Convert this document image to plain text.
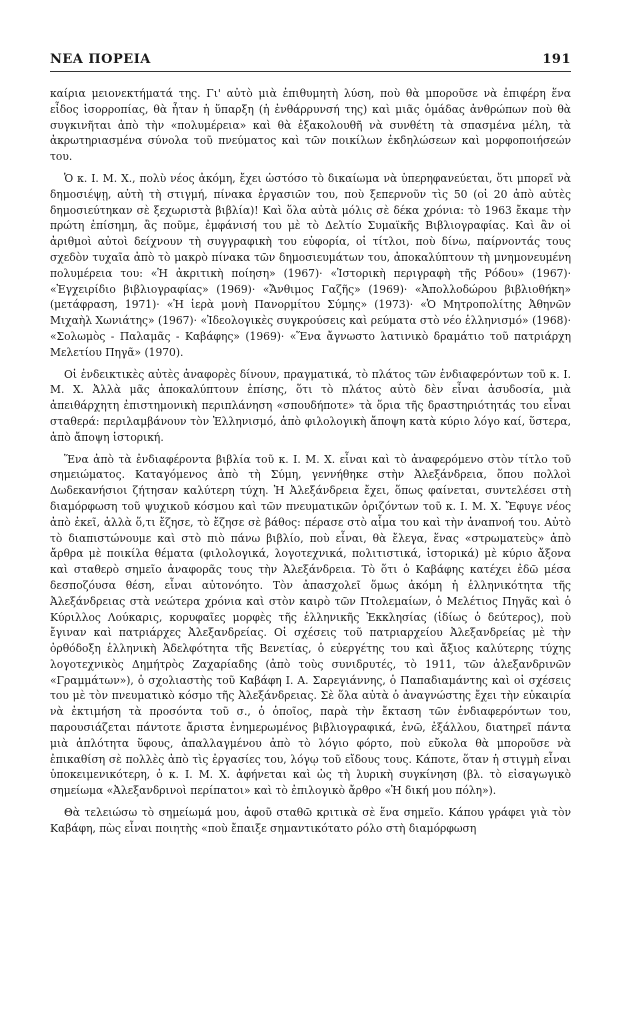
ΝΕΑ ΠΟΡΕΙΑ	191

καίρια μειονεκτήματά της. Γι' αὐτὸ μιὰ ἐπιθυμητὴ λύση, ποὺ θὰ μποροῦσε νὰ ἐπιφέρη ἕνα εἶδος ἰσορροπίας, θὰ ἦταν ἡ ὕπαρξη (ἡ ἐνθάρρυνσή της) καὶ μιᾶς ὁμάδας ἀνθρώπων ποὺ θὰ συγκινῆται ἀπὸ τὴν «πολυμέρεια» καὶ θὰ ἐξακολουθῆ νὰ συνθέτη τὰ σπασμένα μέλη, τὰ ἀκρωτηριασμένα σύνολα τοῦ πνεύματος καὶ τῶν ποικίλων ἐκδηλώσεων καὶ μορφοποιήσεών του.

Ὁ κ. Ι. Μ. Χ., πολὺ νέος ἀκόμη, ἔχει ὡστόσο τὸ δικαίωμα νὰ ὑπερηφανεύεται, ὅτι μπορεῖ νὰ δημοσιέψῃ, αὐτὴ τὴ στιγμή, πίνακα ἐργασιῶν του, ποὺ ξεπερνοῦν τὶς 50 (οἱ 20 ἀπὸ αὐτὲς δημοσιεύτηκαν σὲ ξεχωριστὰ βιβλία)! Καὶ ὅλα αὐτὰ μόλις σὲ δέκα χρόνια: τὸ 1963 ἔκαμε τὴν πρώτη ἐπίσημη, ἂς ποῦμε, ἐμφάνισή του μὲ τὸ Δελτίο Συμαϊκῆς Βιβλιογραφίας. Καὶ ἂν οἱ ἀριθμοὶ αὐτοὶ δείχνουν τὴ συγγραφικὴ του εὐφορία, οἱ τίτλοι, ποὺ δίνω, παίρνοντάς τους σχεδὸν τυχαῖα ἀπὸ τὸ μακρὸ πίνακα τῶν δημοσιευμάτων του, ἀποκαλύπτουν τὴ μνημονευμένη πολυμέρεια του: «Ἡ ἀκριτικὴ ποίηση» (1967)· «Ἱστορικὴ περιγραφὴ τῆς Ρόδου» (1967)· «Ἐγχειρίδιο βιβλιογραφίας» (1969)· «Ἄνθιμος Γαζῆς» (1969)· «Ἀπολλοδώρου βιβλιοθήκη» (μετάφραση, 1971)· «Ἡ ἱερὰ μονὴ Πανορμίτου Σύμης» (1973)· «Ὁ Μητροπολίτης Ἀθηνῶν Μιχαὴλ Χωνιάτης» (1967)· «Ἰδεολογικὲς συγκρούσεις καὶ ρεύματα στὸ νέο ἑλληνισμό» (1968)· «Σολωμὸς - Παλαμᾶς - Καβάφης» (1969)· «Ἕνα ἄγνωστο λατινικὸ δραμάτιο τοῦ πατριάρχη Μελετίου Πηγᾶ» (1970).

Οἱ ἐνδεικτικὲς αὐτὲς ἀναφορὲς δίνουν, πραγματικά, τὸ πλάτος τῶν ἐνδιαφερόντων τοῦ κ. Ι. Μ. Χ. Ἀλλὰ μᾶς ἀποκαλύπτουν ἐπίσης, ὅτι τὸ πλάτος αὐτὸ δὲν εἶναι ἀσυδοσία, μιὰ ἀπειθάρχητη ἐπιστημονικὴ περιπλάνηση «σπουδήποτε» τὰ ὅρια τῆς δραστηριότητάς του εἶναι σταθερά: περιλαμβάνουν τὸν Ἑλληνισμό, ἀπὸ φιλολογικὴ ἄποψη κατὰ κύριο λόγο καί, ὕστερα, ἀπὸ ἄποψη ἱστορική.

Ἕνα ἀπὸ τὰ ἐνδιαφέροντα βιβλία τοῦ κ. Ι. Μ. Χ. εἶναι καὶ τὸ ἀναφερόμενο στὸν τίτλο τοῦ σημειώματος. Καταγόμενος ἀπὸ τὴ Σύμη, γεννήθηκε στὴν Ἀλεξάνδρεια, ὅπου πολλοὶ Δωδεκανήσιοι ζήτησαν καλύτερη τύχη. Ἡ Ἀλεξάνδρεια ἔχει, ὅπως φαίνεται, συντελέσει στὴ διαμόρφωση τοῦ ψυχικοῦ κόσμου καὶ τῶν πνευματικῶν ὁριζόντων τοῦ κ. Ι. Μ. Χ. Ἔφυγε νέος ἀπὸ ἐκεῖ, ἀλλὰ ὅ,τι ἔζησε, τὸ ἔζησε σὲ βάθος: πέρασε στὸ αἷμα του καὶ τὴν ἀναπνοή του. Αὐτὸ τὸ διαπιστώνουμε καὶ στὸ πιὸ πάνω βιβλίο, ποὺ εἶναι, θὰ ἔλεγα, ἕνας «στρωματεὺς» ἀπὸ ἄρθρα μὲ ποικίλα θέματα (φιλολογικά, λογοτεχνικά, πολιτιστικά, ἱστορικά) μὲ κύριο ἄξονα καὶ σταθερὸ σημεῖο ἀναφορᾶς τους τὴν Ἀλεξάνδρεια. Τὸ ὅτι ὁ Καβάφης κατέχει ἐδῶ μέσα δεσποζόυσα θέση, εἶναι αὐτονόητο. Τὸν ἀπασχολεῖ ὅμως ἀκόμη ἡ ἑλληνικότητα τῆς Ἀλεξάνδρειας στὰ νεώτερα χρόνια καὶ στὸν καιρὸ τῶν Πτολεμαίων, ὁ Μελέτιος Πηγᾶς καὶ ὁ Κύριλλος Λούκαρις, κορυφαῖες μορφὲς τῆς ἑλληνικῆς Ἐκκλησίας (ἰδίως ὁ δεύτερος), ποὺ ἔγιναν καὶ πατριάρχες Ἀλεξανδρείας. Οἱ σχέσεις τοῦ πατριαρχείου Ἀλεξανδρείας μὲ τὴν ὀρθόδοξη ἑλληνικὴ Ἀδελφότητα τῆς Βενετίας, ὁ εὐεργέτης του καὶ ἄξιος καλύτερης τύχης λογοτεχνικὸς Δημήτρὸς Ζαχαρίαδης (ἀπὸ τοὺς συνιδρυτές, τὸ 1911, τῶν ἀλεξανδρινῶν «Γραμμάτων»), ὁ σχολιαστὴς τοῦ Καβάφη Ι. Α. Σαρεγιάννης, ὁ Παπαδιαμάντης καὶ οἱ σχέσεις του μὲ τὸν πνευματικὸ κόσμο τῆς Ἀλεξάνδρειας. Σὲ ὅλα αὐτὰ ὁ ἀναγνώστης ἔχει τὴν εὐκαιρία νὰ ἐκτιμήση τὰ προσόντα τοῦ σ., ὁ ὁποῖος, παρὰ τὴν ἔκταση τῶν ἐνδιαφερόντων του, παρουσιάζεται πάντοτε ἄριστα ἐνημερωμένος βιβλιογραφικά, ἐνῶ, ἐξάλλου, διατηρεῖ πάντα μιὰ ἁπλότητα ὕφους, ἀπαλλαγμένου ἀπὸ τὸ λόγιο φόρτο, ποὺ εὔκολα θὰ μποροῦσε νὰ ἐπικαθίση σὲ πολλὲς ἀπὸ τὶς ἐργασίες του, λόγῳ τοῦ εἴδους τους. Κάποτε, ὅταν ἡ στιγμὴ εἶναι ὑποκειμενικότερη, ὁ κ. Ι. Μ. Χ. ἀφήνεται καὶ ὡς τὴ λυρικὴ συγκίνηση (βλ. τὸ εἰσαγωγικὸ σημείωμα «Ἀλεξανδρινοὶ περίπατοι» καὶ τὸ ἐπιλογικὸ ἄρθρο «Ἡ δική μου πόλη»).

Θὰ τελειώσω τὸ σημείωμά μου, ἀφοῦ σταθῶ κριτικὰ σὲ ἕνα σημεῖο. Κάπου γράφει γιὰ τὸν Καβάφη, πὼς εἶναι ποιητὴς «ποὺ ἔπαιξε σημαντικότατο ρόλο στὴ διαμόρφωση
